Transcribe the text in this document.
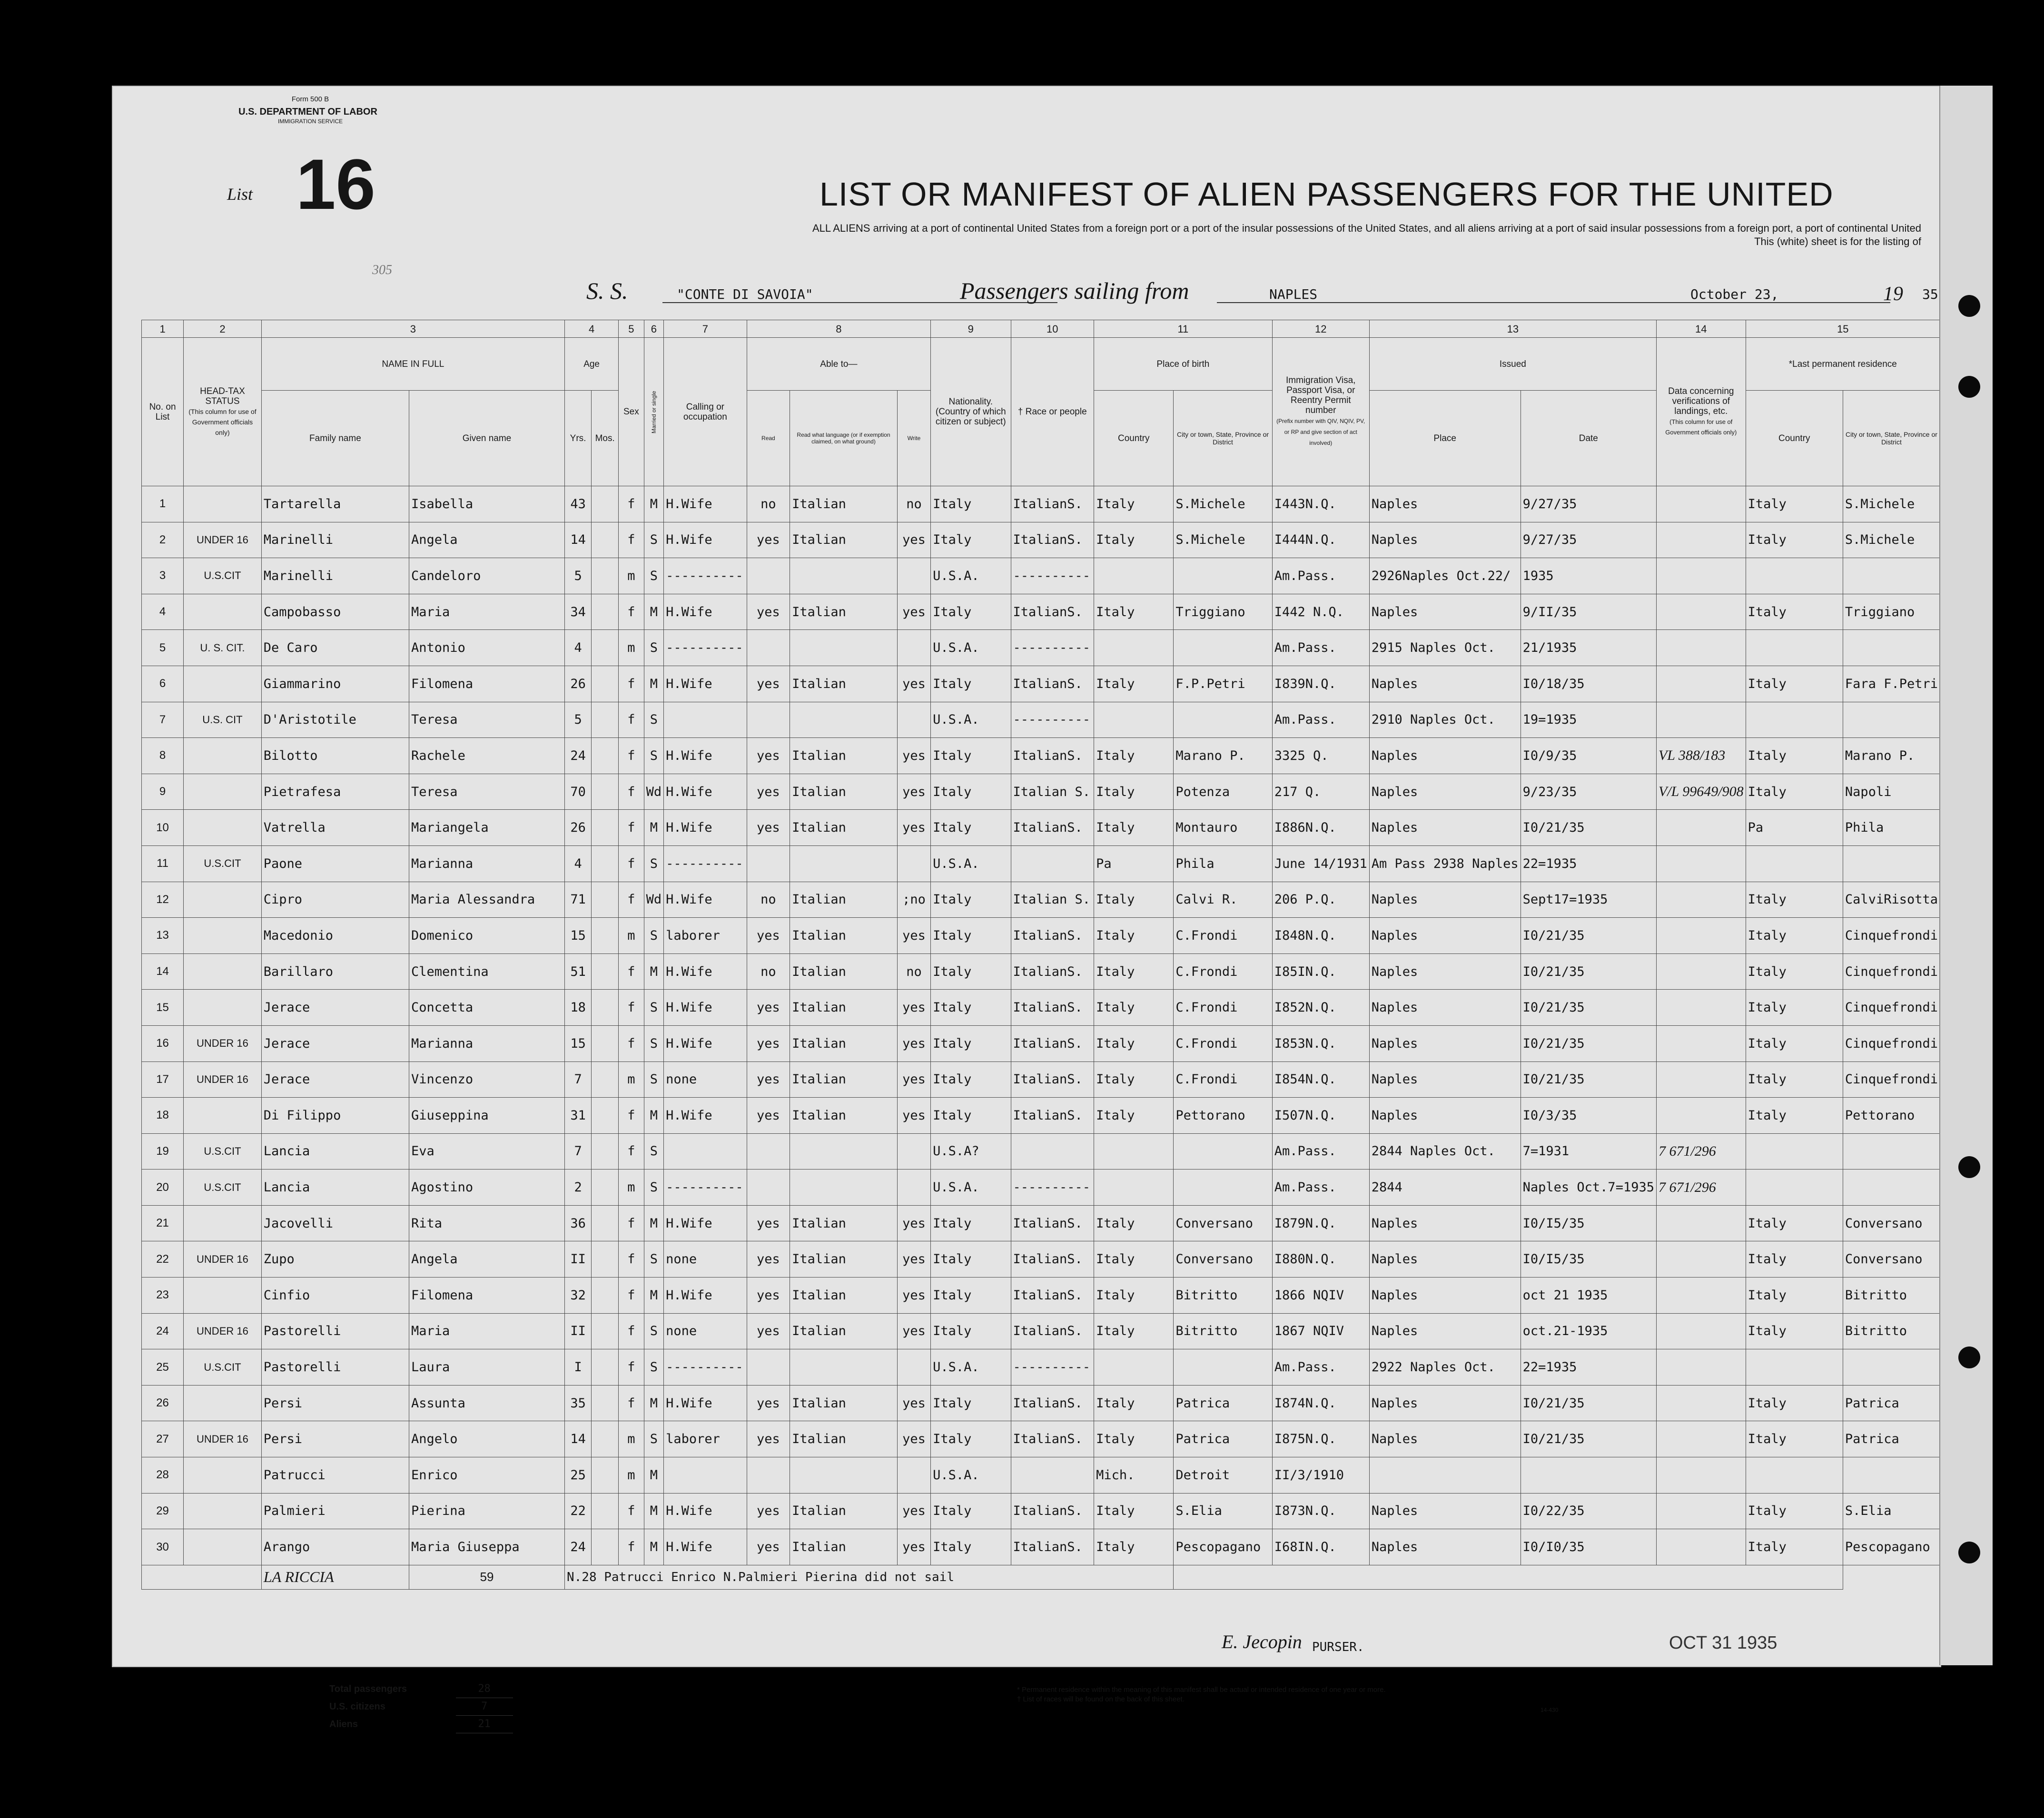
Form 500 B
U.S. DEPARTMENT OF LABOR
IMMIGRATION SERVICE
List 16	LIST OR MANIFEST OF ALIEN PASSENGERS FOR THE UNITED
ALL ALIENS arriving at a port of continental United States from a foreign port or a port of the insular possessions of the United States, and all aliens arriving at a port of said insular possessions from a foreign port, a port of continental United
This (white) sheet is for the listing of
305
S. S.	"CONTE DI SAVOIA"	Passengers sailing from	NAPLES	October 23,	19 35
1	2	3		4		5	6	7	8			9	10	11		12	13		14	15	
No. on List	HEAD-TAX STATUS
(This column for use of Government officials only)	NAME IN FULL		Age		Sex	Married or single	Calling or occupation	Able to—			Nationality. (Country of which citizen or subject)	† Race or people	Place of birth		Immigration Visa, Passport Visa, or Reentry Permit number
(Prefix number with QIV, NQIV, PV, or RP and give section of act involved)	Issued		Data concerning verifications of landings, etc.
(This column for use of Government officials only)	*Last permanent residence	
		Family name	Given name	Yrs.	Mos.				Read	Read what language (or if exemption claimed, on what ground)	Write			Country	City or town, State, Province or District		Place	Date		Country	City or town, State, Province or District
1		Tartarella	Isabella	43		f	M	H.Wife	no	Italian	no	Italy	ItalianS.	Italy	S.Michele	I443N.Q.	Naples	9/27/35		Italy	S.Michele
2	UNDER 16	Marinelli	Angela	14		f	S	H.Wife	yes	Italian	yes	Italy	ItalianS.	Italy	S.Michele	I444N.Q.	Naples	9/27/35		Italy	S.Michele
3	U.S.CIT	Marinelli	Candeloro	5		m	S	----------				U.S.A.	----------			Am.Pass.	2926Naples Oct.22/	1935			
4		Campobasso	Maria	34		f	M	H.Wife	yes	Italian	yes	Italy	ItalianS.	Italy	Triggiano	I442 N.Q.	Naples	9/II/35		Italy	Triggiano
5	U. S. CIT.	De Caro	Antonio	4		m	S	----------				U.S.A.	----------			Am.Pass.	2915 Naples Oct.	21/1935			
6		Giammarino	Filomena	26		f	M	H.Wife	yes	Italian	yes	Italy	ItalianS.	Italy	F.P.Petri	I839N.Q.	Naples	I0/18/35		Italy	Fara F.Petri
7	U.S. CIT	D'Aristotile	Teresa	5		f	S					U.S.A.	----------			Am.Pass.	2910 Naples Oct.	19=1935			
8		Bilotto	Rachele	24		f	S	H.Wife	yes	Italian	yes	Italy	ItalianS.	Italy	Marano P.	3325 Q.	Naples	I0/9/35	VL 388/183	Italy	Marano P.
9		Pietrafesa	Teresa	70		f	Wd	H.Wife	yes	Italian	yes	Italy	Italian S.	Italy	Potenza	217 Q.	Naples	9/23/35	V/L 99649/908	Italy	Napoli
10		Vatrella	Mariangela	26		f	M	H.Wife	yes	Italian	yes	Italy	ItalianS.	Italy	Montauro	I886N.Q.	Naples	I0/21/35		Pa	Phila
11	U.S.CIT	Paone	Marianna	4		f	S	----------				U.S.A.		Pa	Phila	June 14/1931	Am Pass 2938 Naples	22=1935			
12		Cipro	Maria Alessandra	71		f	Wd	H.Wife	no	Italian	;no	Italy	Italian S.	Italy	Calvi R.	206 P.Q.	Naples	Sept17=1935		Italy	CalviRisotta
13		Macedonio	Domenico	15		m	S	laborer	yes	Italian	yes	Italy	ItalianS.	Italy	C.Frondi	I848N.Q.	Naples	I0/21/35		Italy	Cinquefrondi
14		Barillaro	Clementina	51		f	M	H.Wife	no	Italian	no	Italy	ItalianS.	Italy	C.Frondi	I85IN.Q.	Naples	I0/21/35		Italy	Cinquefrondi
15		Jerace	Concetta	18		f	S	H.Wife	yes	Italian	yes	Italy	ItalianS.	Italy	C.Frondi	I852N.Q.	Naples	I0/21/35		Italy	Cinquefrondi
16	UNDER 16	Jerace	Marianna	15		f	S	H.Wife	yes	Italian	yes	Italy	ItalianS.	Italy	C.Frondi	I853N.Q.	Naples	I0/21/35		Italy	Cinquefrondi
17	UNDER 16	Jerace	Vincenzo	7		m	S	none	yes	Italian	yes	Italy	ItalianS.	Italy	C.Frondi	I854N.Q.	Naples	I0/21/35		Italy	Cinquefrondi
18		Di Filippo	Giuseppina	31		f	M	H.Wife	yes	Italian	yes	Italy	ItalianS.	Italy	Pettorano	I507N.Q.	Naples	I0/3/35		Italy	Pettorano
19	U.S.CIT	Lancia	Eva	7		f	S					U.S.A?				Am.Pass.	2844 Naples Oct.	7=1931	7 671/296		
20	U.S.CIT	Lancia	Agostino	2		m	S	----------				U.S.A.	----------			Am.Pass.	2844	Naples Oct.7=1935	7 671/296		
21		Jacovelli	Rita	36		f	M	H.Wife	yes	Italian	yes	Italy	ItalianS.	Italy	Conversano	I879N.Q.	Naples	I0/I5/35		Italy	Conversano
22	UNDER 16	Zupo	Angela	II		f	S	none	yes	Italian	yes	Italy	ItalianS.	Italy	Conversano	I880N.Q.	Naples	I0/I5/35		Italy	Conversano
23		Cinfio	Filomena	32		f	M	H.Wife	yes	Italian	yes	Italy	ItalianS.	Italy	Bitritto	1866 NQIV	Naples	oct 21 1935		Italy	Bitritto
24	UNDER 16	Pastorelli	Maria	II		f	S	none	yes	Italian	yes	Italy	ItalianS.	Italy	Bitritto	1867 NQIV	Naples	oct.21-1935		Italy	Bitritto
25	U.S.CIT	Pastorelli	Laura	I		f	S	----------				U.S.A.	----------			Am.Pass.	2922 Naples Oct.	22=1935			
26		Persi	Assunta	35		f	M	H.Wife	yes	Italian	yes	Italy	ItalianS.	Italy	Patrica	I874N.Q.	Naples	I0/21/35		Italy	Patrica
27	UNDER 16	Persi	Angelo	14		m	S	laborer	yes	Italian	yes	Italy	ItalianS.	Italy	Patrica	I875N.Q.	Naples	I0/21/35		Italy	Patrica
28		Patrucci	Enrico	25		m	M					U.S.A.		Mich.	Detroit	II/3/1910					
29		Palmieri	Pierina	22		f	M	H.Wife	yes	Italian	yes	Italy	ItalianS.	Italy	S.Elia	I873N.Q.	Naples	I0/22/35		Italy	S.Elia
30		Arango	Maria Giuseppa	24		f	M	H.Wife	yes	Italian	yes	Italy	ItalianS.	Italy	Pescopagano	I68IN.Q.	Naples	I0/I0/35		Italy	Pescopagano
		LA RICCIA	59	N.28 Patrucci Enrico N.Palmieri Pierina did not sail																	
E. Jecopin PURSER.	OCT 31 1935
Total passengers	28
U.S. citizens	7
Aliens	21
* Permanent residence within the meaning of this manifest shall be actual or intended residence of one year or more.
† List of races will be found on the back of this sheet.
14-430
